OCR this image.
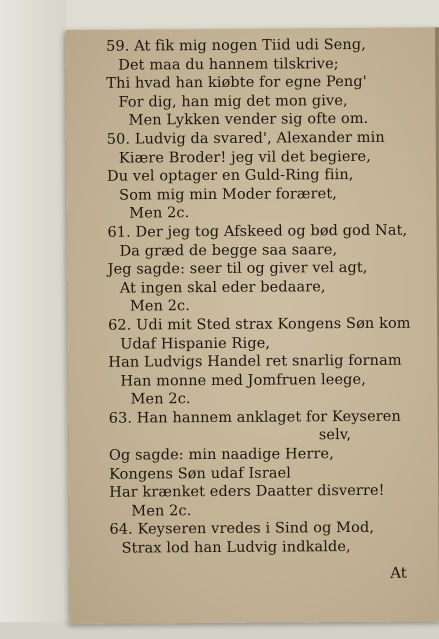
59. At fik mig nogen Tiid udi Seng,
Det maa du hannem tilskrive;
Thi hvad han kiøbte for egne Peng'
For dig, han mig det mon give,
Men Lykken vender sig ofte om.
50. Ludvig da svared', Alexander min
Kiære Broder! jeg vil det begiere,
Du vel optager en Guld-Ring fiin,
Som mig min Moder foræret,
Men 2c.
61. Der jeg tog Afskeed og bød god Nat,
Da græd de begge saa saare,
Jeg sagde: seer til og giver vel agt,
At ingen skal eder bedaare,
Men 2c.
62. Udi mit Sted strax Kongens Søn kom
Udaf Hispanie Rige,
Han Ludvigs Handel ret snarlig fornam
Han monne med Jomfruen leege,
Men 2c.
63. Han hannem anklaget for Keyseren
selv,
Og sagde: min naadige Herre,
Kongens Søn udaf Israel
Har krænket eders Daatter disverre!
Men 2c.
64. Keyseren vredes i Sind og Mod,
Strax lod han Ludvig indkalde,
At
